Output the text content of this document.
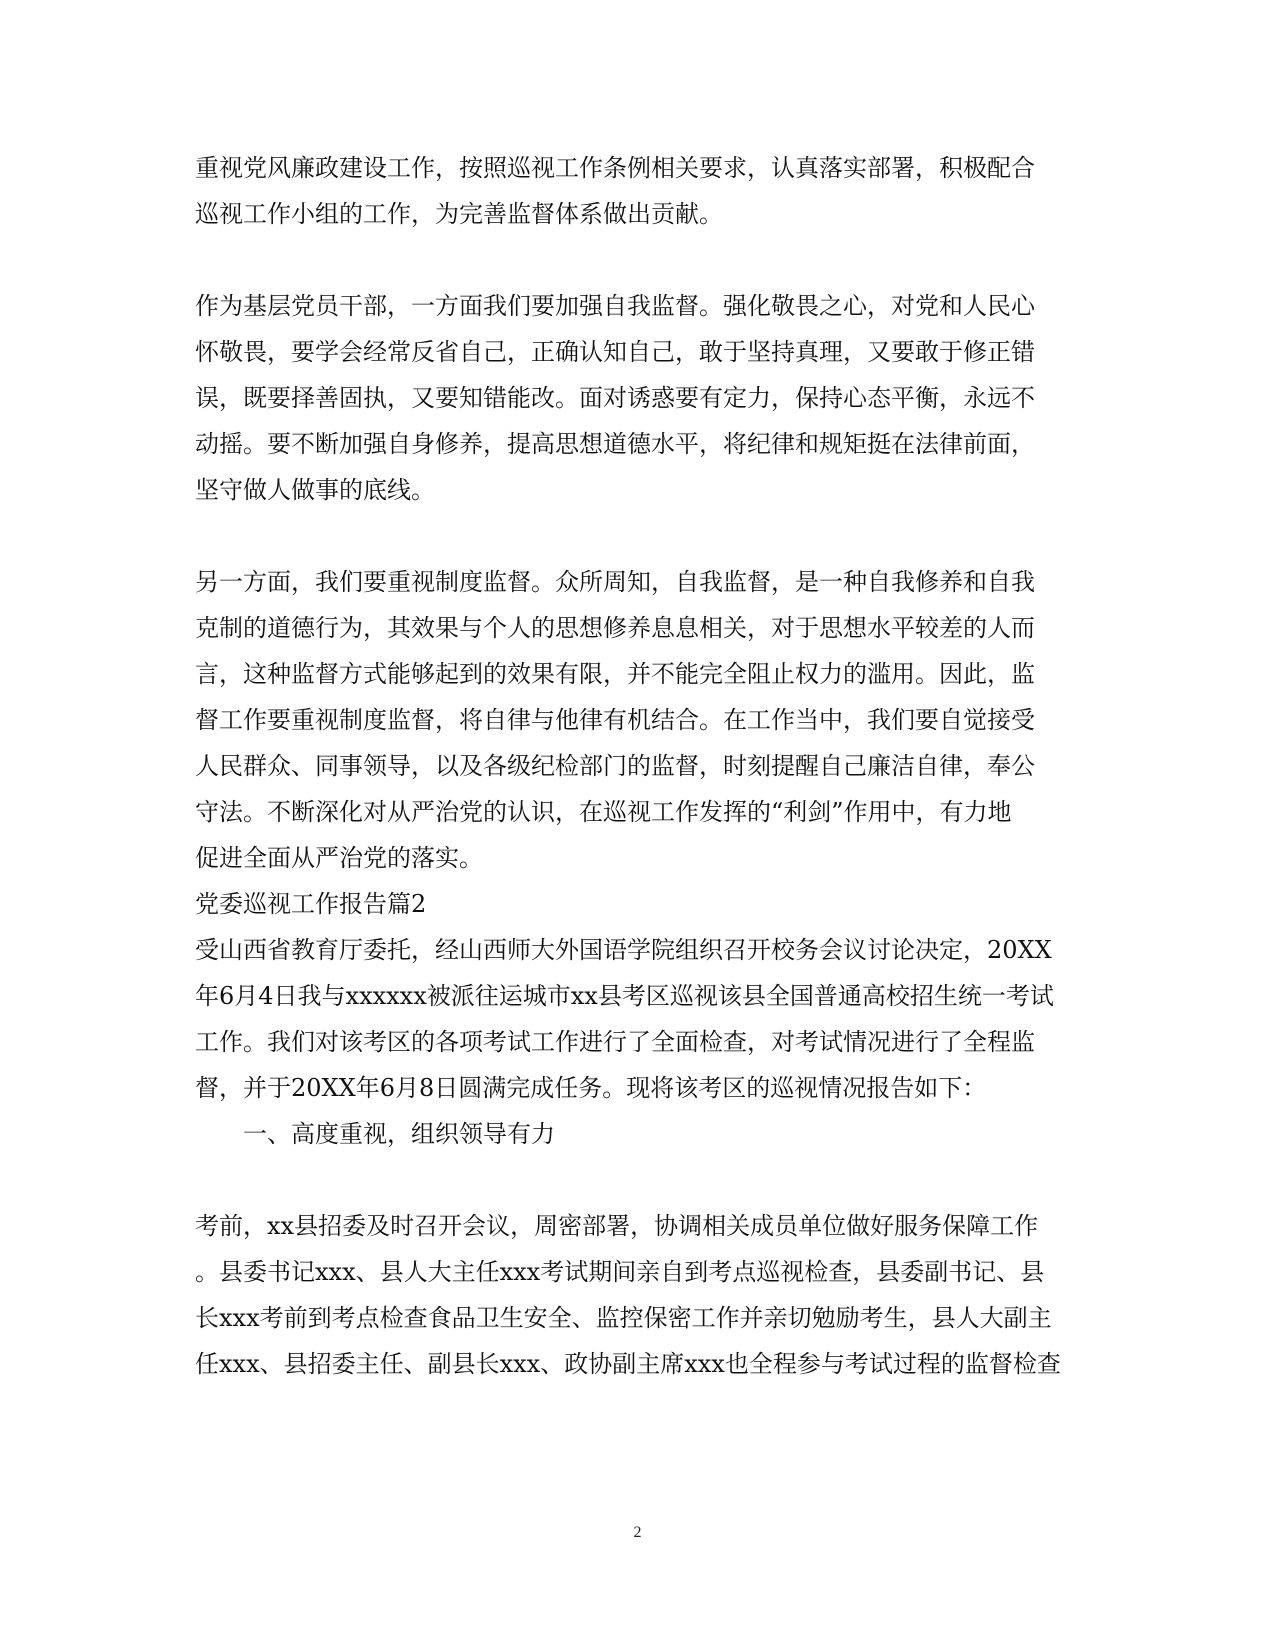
重视党风廉政建设工作，按照巡视工作条例相关要求，认真落实部署，积极配合

巡视工作小组的工作，为完善监督体系做出贡献。

作为基层党员干部，一方面我们要加强自我监督。强化敬畏之心，对党和人民心

怀敬畏，要学会经常反省自己，正确认知自己，敢于坚持真理，又要敢于修正错

误，既要择善固执，又要知错能改。面对诱惑要有定力，保持心态平衡，永远不

动摇。要不断加强自身修养，提高思想道德水平，将纪律和规矩挺在法律前面，

坚守做人做事的底线。

另一方面，我们要重视制度监督。众所周知，自我监督，是一种自我修养和自我

克制的道德行为，其效果与个人的思想修养息息相关，对于思想水平较差的人而

言，这种监督方式能够起到的效果有限，并不能完全阻止权力的滥用。因此，监

督工作要重视制度监督，将自律与他律有机结合。在工作当中，我们要自觉接受

人民群众、同事领导，以及各级纪检部门的监督，时刻提醒自己廉洁自律，奉公

守法。不断深化对从严治党的认识，在巡视工作发挥的“利剑”作用中，有力地

促进全面从严治党的落实。

党委巡视工作报告篇2

受山西省教育厅委托，经山西师大外国语学院组织召开校务会议讨论决定，20XX

年6月4日我与xxxxxx被派往运城市xx县考区巡视该县全国普通高校招生统一考试

工作。我们对该考区的各项考试工作进行了全面检查，对考试情况进行了全程监

督，并于20XX年6月8日圆满完成任务。现将该考区的巡视情况报告如下：

一、高度重视，组织领导有力

考前，xx县招委及时召开会议，周密部署，协调相关成员单位做好服务保障工作

。县委书记xxx、县人大主任xxx考试期间亲自到考点巡视检查，县委副书记、县

长xxx考前到考点检查食品卫生安全、监控保密工作并亲切勉励考生，县人大副主

任xxx、县招委主任、副县长xxx、政协副主席xxx也全程参与考试过程的监督检查

2
